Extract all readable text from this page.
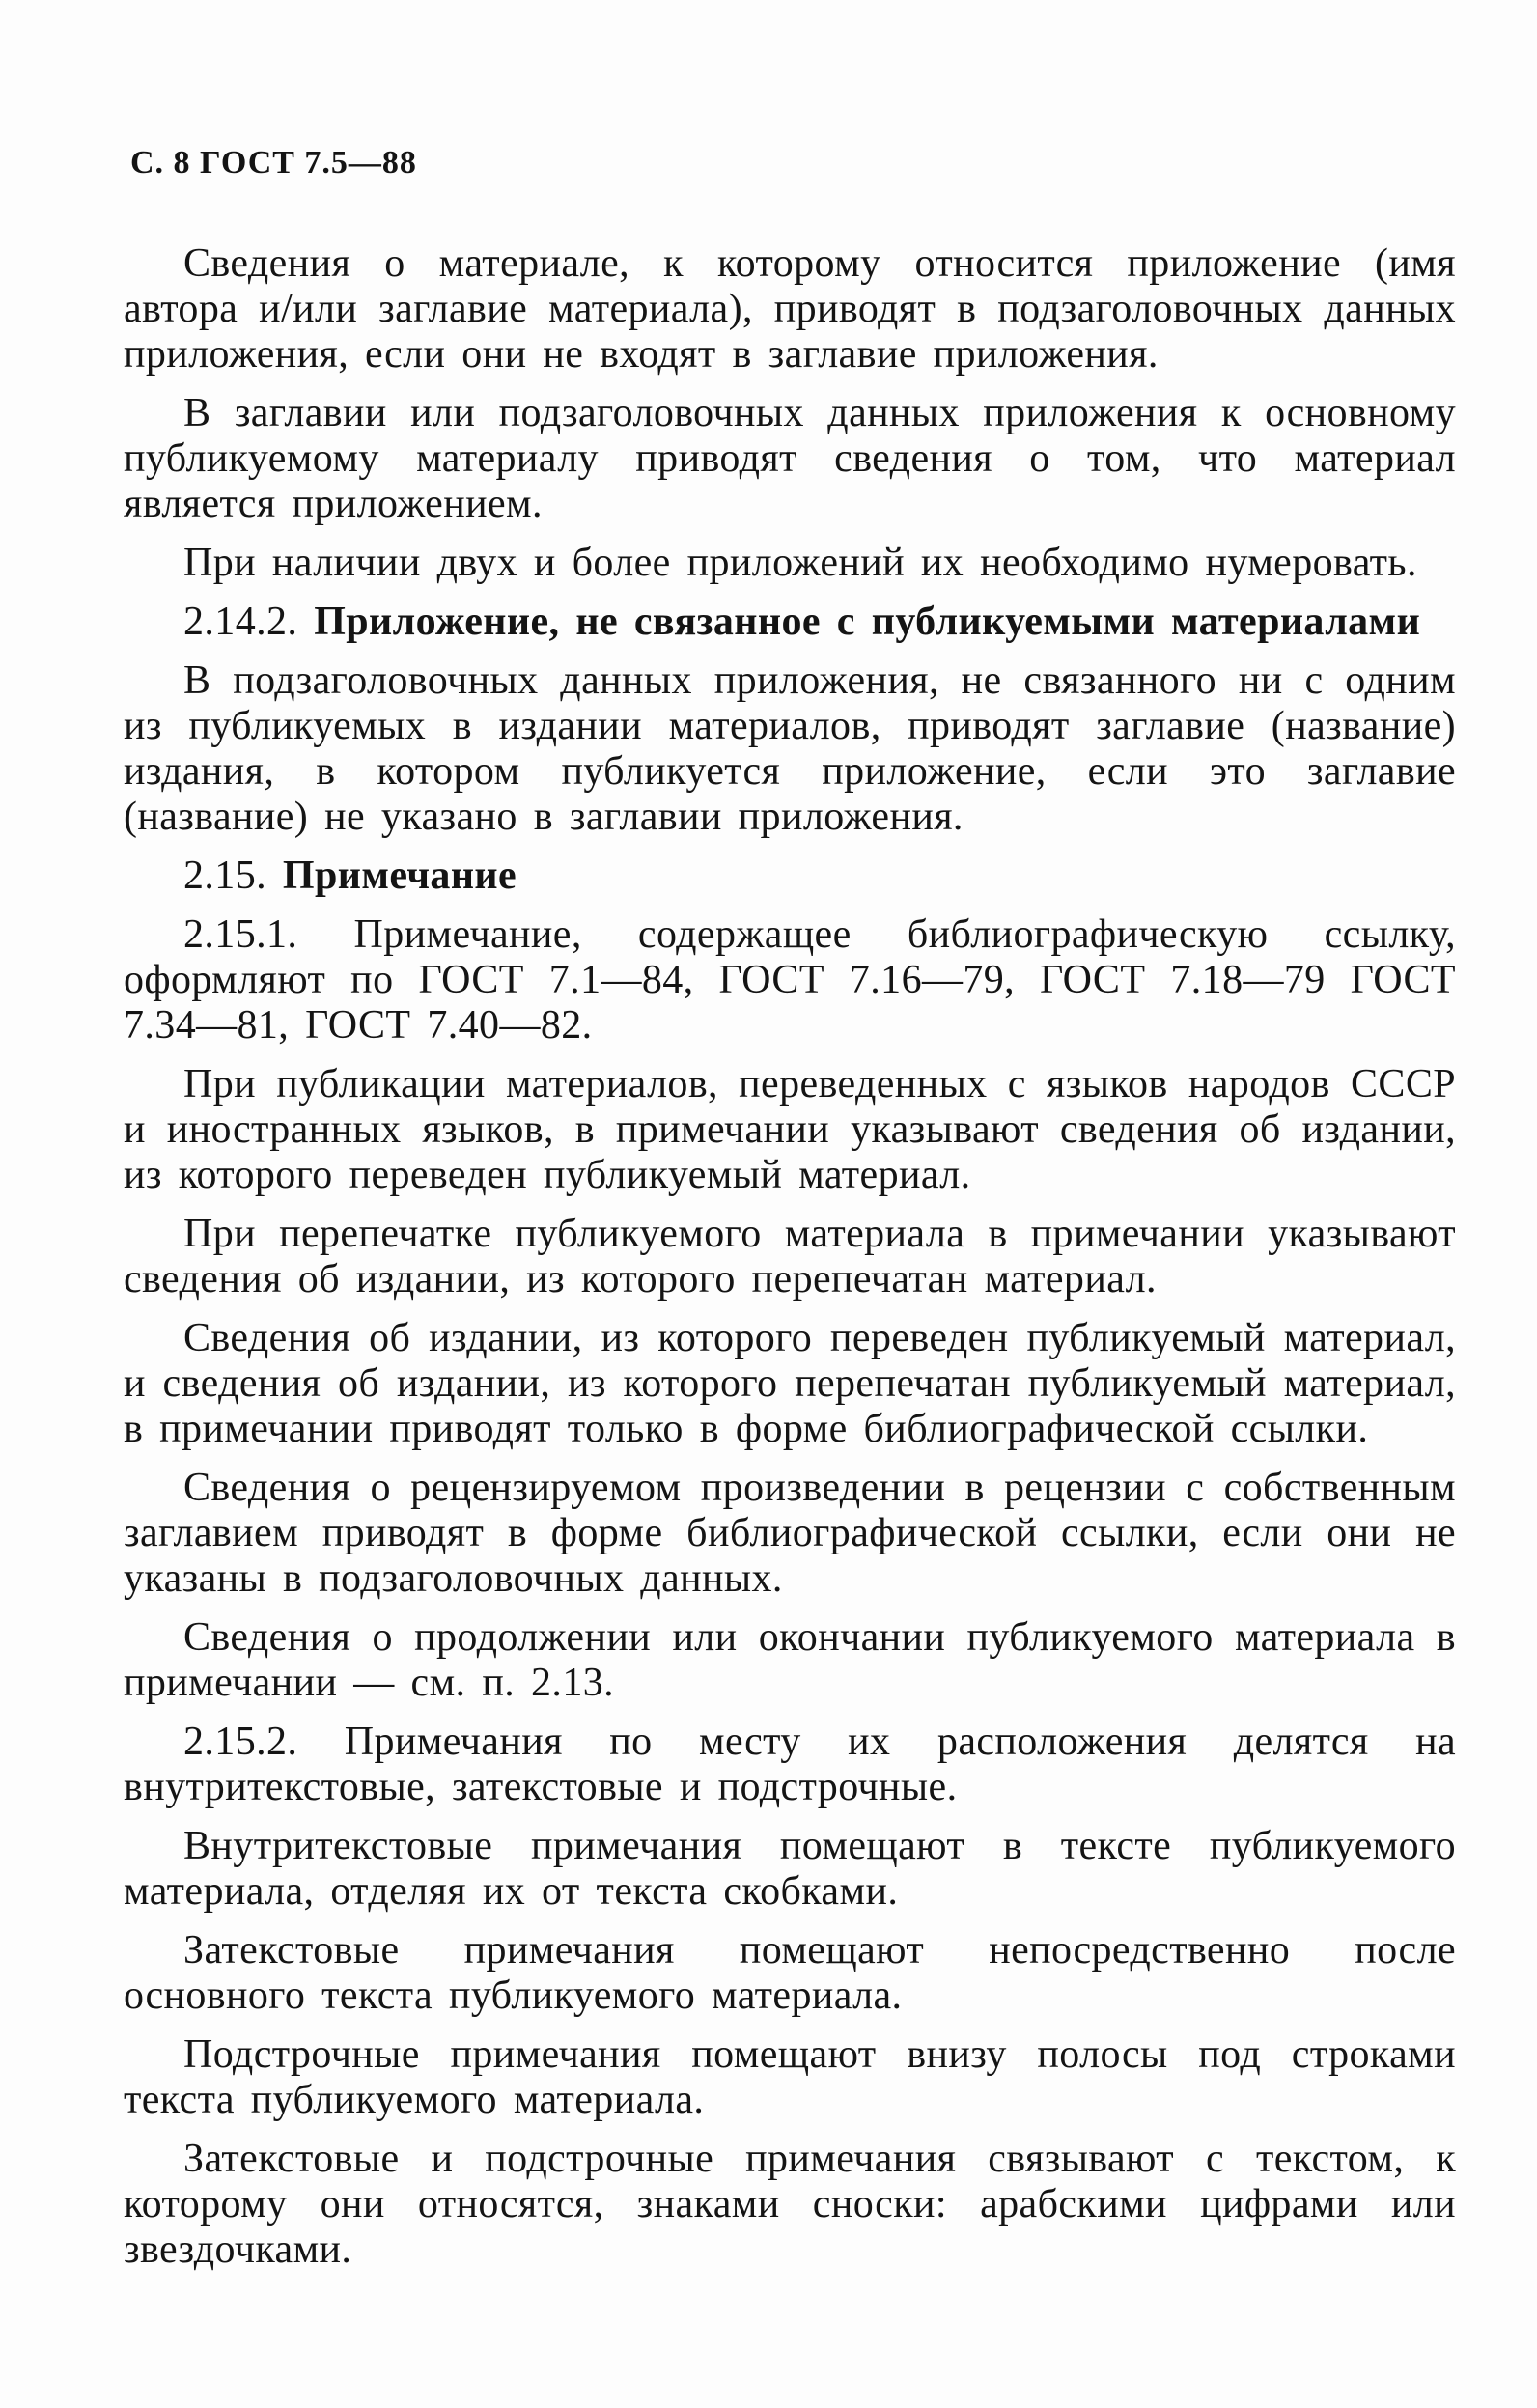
С. 8 ГОСТ 7.5—88

Сведения о материале, к которому относится приложение (имя автора и/или заглавие материала), приводят в подзаголовочных данных приложения, если они не входят в заглавие приложения.

В заглавии или подзаголовочных данных приложения к основному публикуемому материалу приводят сведения о том, что материал является приложением.

При наличии двух и более приложений их необходимо нумеровать.

2.14.2. Приложение, не связанное с публикуемыми материалами

В подзаголовочных данных приложения, не связанного ни с одним из публикуемых в издании материалов, приводят заглавие (название) издания, в котором публикуется приложение, если это заглавие (название) не указано в заглавии приложения.

2.15. Примечание

2.15.1. Примечание, содержащее библиографическую ссылку, оформляют по ГОСТ 7.1—84, ГОСТ 7.16—79, ГОСТ 7.18—79 ГОСТ 7.34—81, ГОСТ 7.40—82.

При публикации материалов, переведенных с языков народов СССР и иностранных языков, в примечании указывают сведения об издании, из которого переведен публикуемый материал.

При перепечатке публикуемого материала в примечании указывают сведения об издании, из которого перепечатан материал.

Сведения об издании, из которого переведен публикуемый материал, и сведения об издании, из которого перепечатан публикуемый материал, в примечании приводят только в форме библиографической ссылки.

Сведения о рецензируемом произведении в рецензии с собственным заглавием приводят в форме библиографической ссылки, если они не указаны в подзаголовочных данных.

Сведения о продолжении или окончании публикуемого материала в примечании — см. п. 2.13.

2.15.2. Примечания по месту их расположения делятся на внутритекстовые, затекстовые и подстрочные.

Внутритекстовые примечания помещают в тексте публикуемого материала, отделяя их от текста скобками.

Затекстовые примечания помещают непосредственно после основного текста публикуемого материала.

Подстрочные примечания помещают внизу полосы под строками текста публикуемого материала.

Затекстовые и подстрочные примечания связывают с текстом, к которому они относятся, знаками сноски: арабскими цифрами или звездочками.
